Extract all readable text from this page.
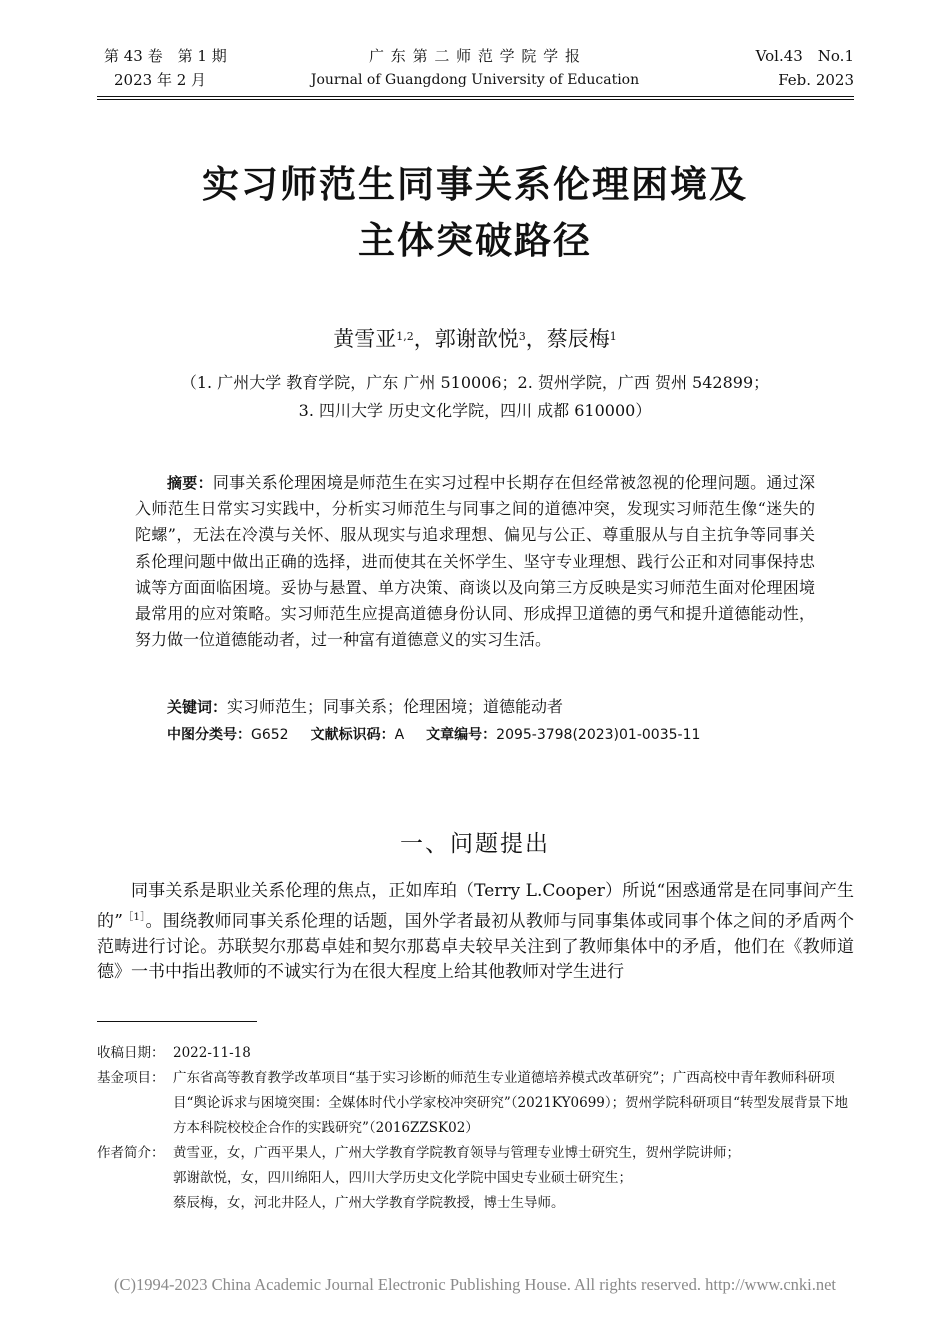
第 43 卷　第 1 期
2023 年 2 月
广 东 第 二 师 范 学 院 学 报
Journal of Guangdong University of Education
Vol.43　No.1
Feb. 2023
实习师范生同事关系伦理困境及
主体突破路径
黄雪亚$^{1,2}$，郭谢歆悦$^3$，蔡辰梅$^1$
（1. 广州大学 教育学院，广东 广州 510006；2. 贺州学院，广西 贺州 542899；
3. 四川大学 历史文化学院，四川 成都 610000）

摘要：同事关系伦理困境是师范生在实习过程中长期存在但经常被忽视的伦理问题。通过深入师范生日常实习实践中，分析实习师范生与同事之间的道德冲突，发现实习师范生像“迷失的陀螺”，无法在冷漠与关怀、服从现实与追求理想、偏见与公正、尊重服从与自主抗争等同事关系伦理问题中做出正确的选择，进而使其在关怀学生、坚守专业理想、践行公正和对同事保持忠诚等方面面临困境。妥协与悬置、单方决策、商谈以及向第三方反映是实习师范生面对伦理困境最常用的应对策略。实习师范生应提高道德身份认同、形成捍卫道德的勇气和提升道德能动性，努力做一位道德能动者，过一种富有道德意义的实习生活。

关键词：实习师范生；同事关系；伦理困境；道德能动者
中图分类号：G652 文献标识码：A 文章编号：2095-3798(2023)01-0035-11
一、问题提出

同事关系是职业关系伦理的焦点，正如库珀（Terry L.Cooper）所说“困惑通常是在同事间产生的”$^{[1]}$。围绕教师同事关系伦理的话题，国外学者最初从教师与同事集体或同事个体之间的矛盾两个范畴进行讨论。苏联契尔那葛卓娃和契尔那葛卓夫较早关注到了教师集体中的矛盾，他们在《教师道德》一书中指出教师的不诚实行为在很大程度上给其他教师对学生进行

收稿日期： 2022-11-18
基金项目： 广东省高等教育教学改革项目“基于实习诊断的师范生专业道德培养模式改革研究”；广西高校中青年教师科研项目“舆论诉求与困境突围：全媒体时代小学家校冲突研究”（2021KY0699）；贺州学院科研项目“转型发展背景下地方本科院校校企合作的实践研究”（2016ZZSK02）
作者简介： 黄雪亚，女，广西平果人，广州大学教育学院教育领导与管理专业博士研究生，贺州学院讲师；
郭谢歆悦，女，四川绵阳人，四川大学历史文化学院中国史专业硕士研究生；
蔡辰梅，女，河北井陉人，广州大学教育学院教授，博士生导师。
(C)1994-2023 China Academic Journal Electronic Publishing House. All rights reserved. http://www.cnki.net
